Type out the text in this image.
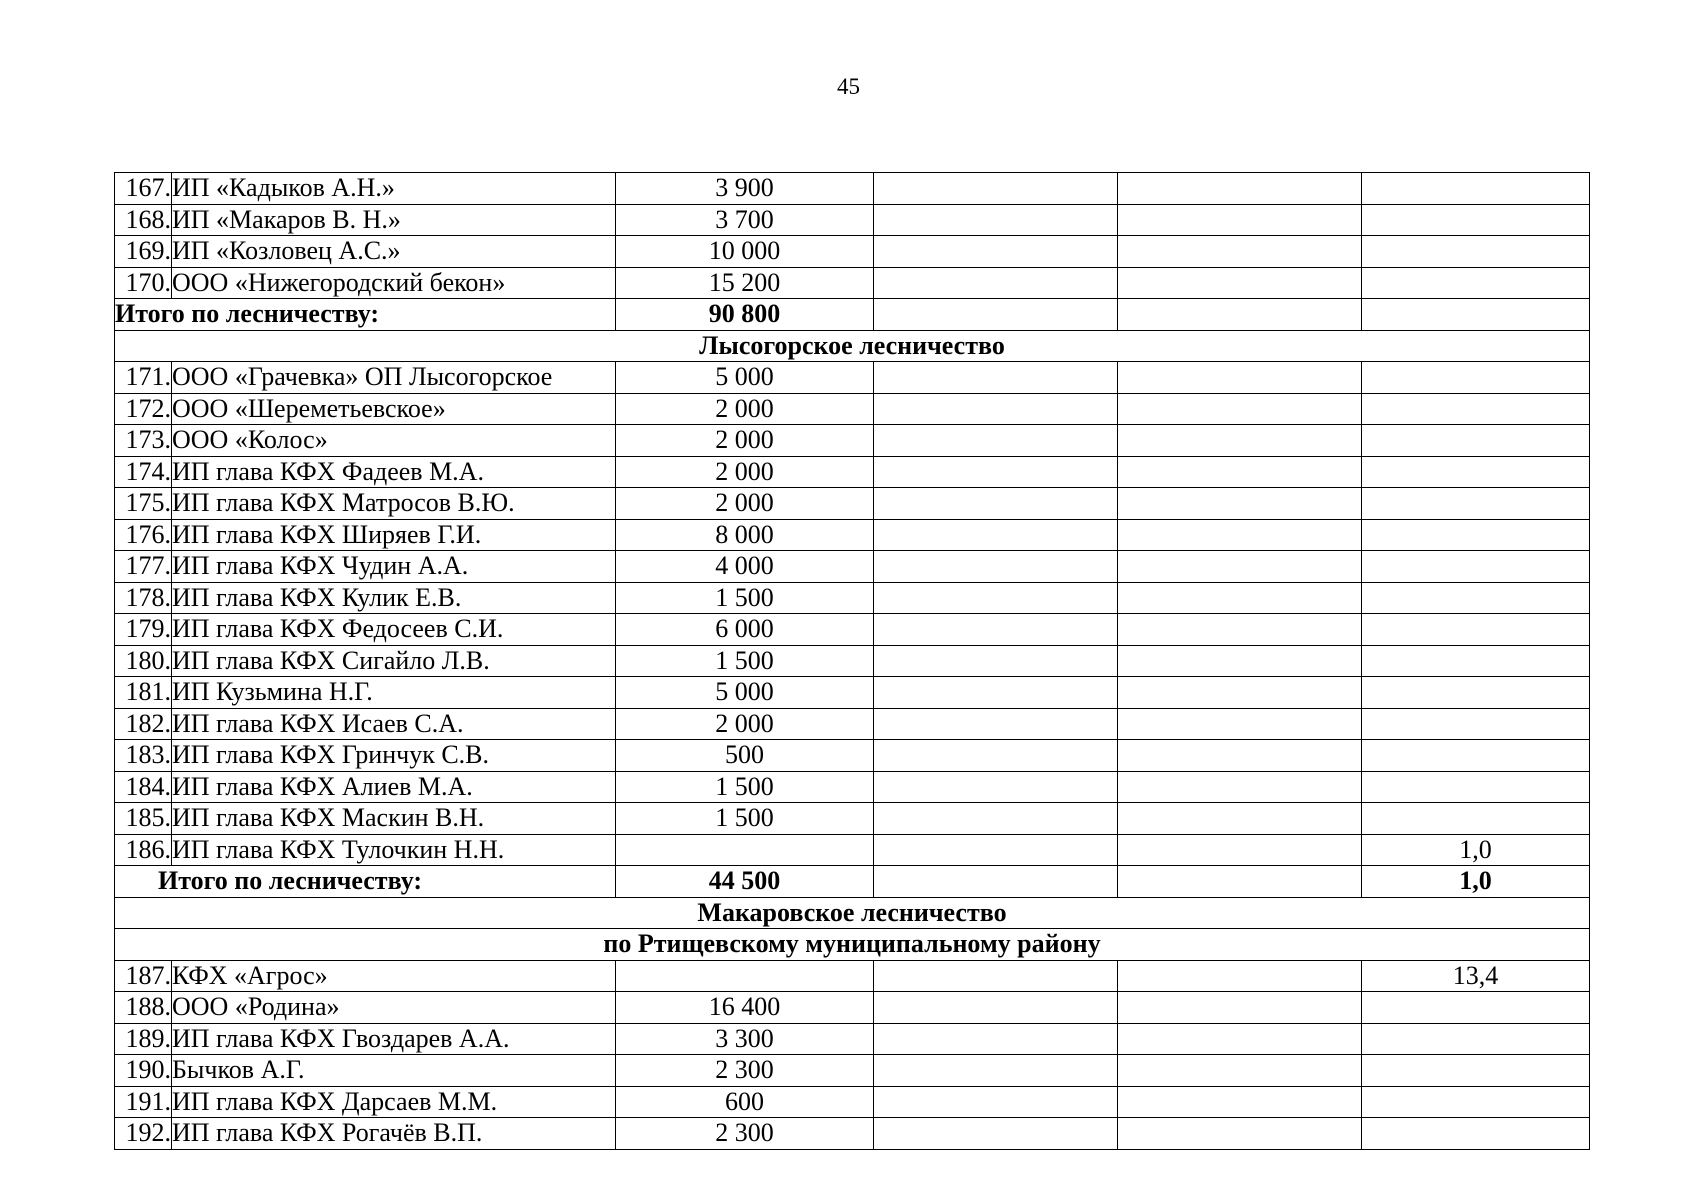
45
167.	ИП «Кадыков А.Н.»	3 900			
168.	ИП «Макаров В. Н.»	3 700			
169.	ИП «Козловец А.С.»	10 000			
170.	ООО «Нижегородский бекон»	15 200			
Итого по лесничеству:		90 800			
Лысогорское лесничество					
171.	ООО «Грачевка» ОП Лысогорское	5 000			
172.	ООО «Шереметьевское»	2 000			
173.	ООО «Колос»	2 000			
174.	ИП глава КФХ Фадеев М.А.	2 000			
175.	ИП глава КФХ Матросов В.Ю.	2 000			
176.	ИП глава КФХ Ширяев Г.И.	8 000			
177.	ИП глава КФХ Чудин А.А.	4 000			
178.	ИП глава КФХ Кулик Е.В.	1 500			
179.	ИП глава КФХ Федосеев С.И.	6 000			
180.	ИП глава КФХ Сигайло Л.В.	1 500			
181.	ИП Кузьмина Н.Г.	5 000			
182.	ИП глава КФХ Исаев С.А.	2 000			
183.	ИП глава КФХ Гринчук С.В.	500			
184.	ИП глава КФХ Алиев М.А.	1 500			
185.	ИП глава КФХ Маскин В.Н.	1 500			
186.	ИП глава КФХ Тулочкин Н.Н.				1,0
Итого по лесничеству:		44 500			1,0
Макаровское лесничество					
по Ртищевскому муниципальному району					
187.	КФХ «Агрос»				13,4
188.	ООО «Родина»	16 400			
189.	ИП глава КФХ Гвоздарев А.А.	3 300			
190.	Бычков А.Г.	2 300			
191.	ИП глава КФХ Дарсаев М.М.	600			
192.	ИП глава КФХ Рогачёв В.П.	2 300			
